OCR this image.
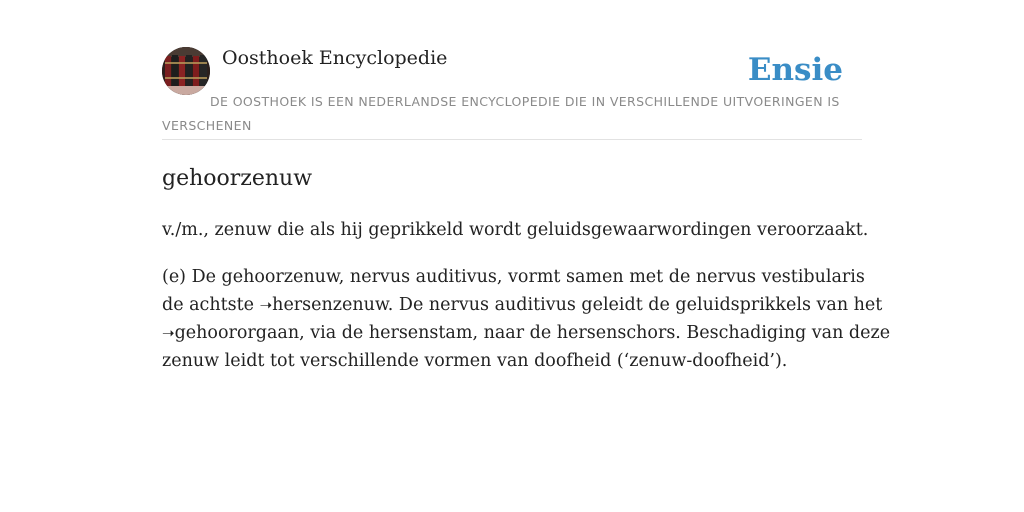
Oosthoek Encyclopedie	Ensie
DE OOSTHOEK IS EEN NEDERLANDSE ENCYCLOPEDIE DIE IN VERSCHILLENDE UITVOERINGEN IS VERSCHENEN
gehoorzenuw

v./m., zenuw die als hij geprikkeld wordt geluidsgewaarwordingen veroorzaakt.

(e) De gehoorzenuw, nervus auditivus, vormt samen met de nervus vestibularis
de achtste ➝hersenzenuw. De nervus auditivus geleidt de geluidsprikkels van het
➝gehoororgaan, via de hersenstam, naar de hersenschors. Beschadiging van deze
zenuw leidt tot verschillende vormen van doofheid (‘zenuw-doofheid’).
